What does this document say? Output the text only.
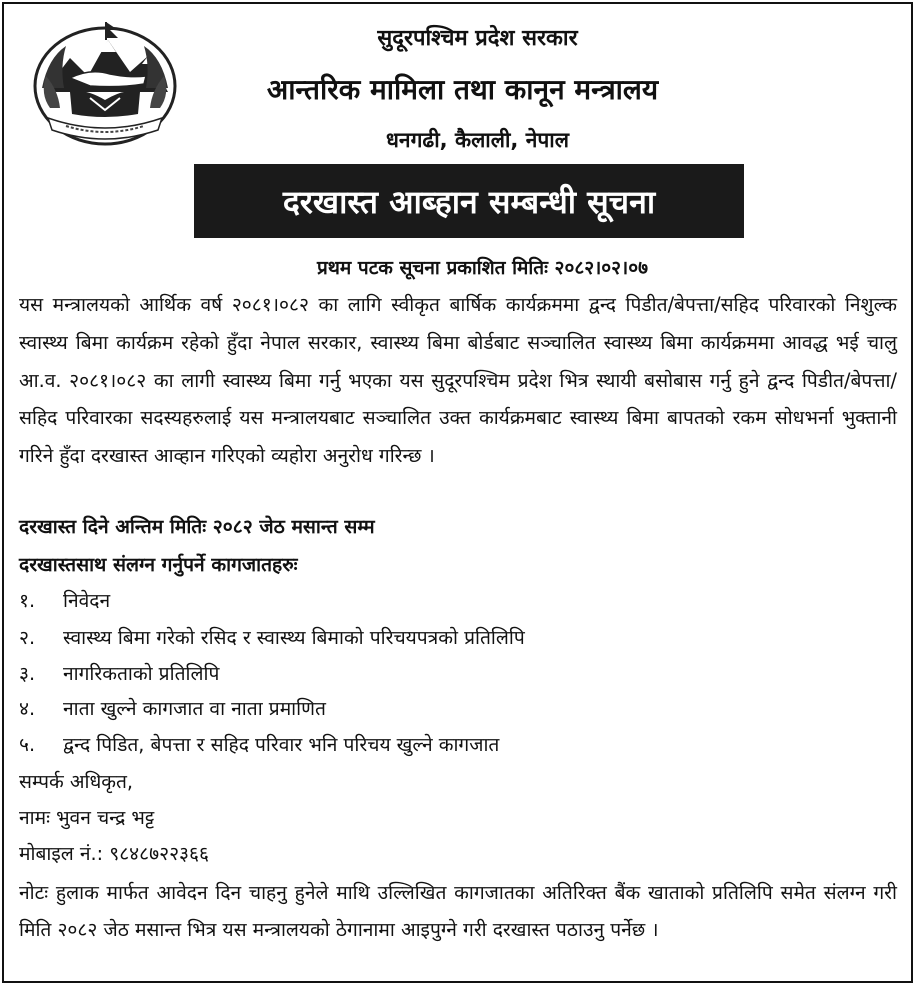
सुदूरपश्चिम प्रदेश सरकार
आन्तरिक मामिला तथा कानून मन्त्रालय
धनगढी, कैलाली, नेपाल
दरखास्त आब्हान सम्बन्धी सूचना
प्रथम पटक सूचना प्रकाशित मितिः २०८२।०२।०७
यस मन्त्रालयको आर्थिक वर्ष २०८१।०८२ का लागि स्वीकृत बार्षिक कार्यक्रममा द्वन्द पिडीत/बेपत्ता/सहिद परिवारको निशुल्क स्वास्थ्य बिमा कार्यक्रम रहेको हुँदा नेपाल सरकार, स्वास्थ्य बिमा बोर्डबाट सञ्चालित स्वास्थ्य बिमा कार्यक्रममा आवद्ध भई चालु आ.व. २०८१।०८२ का लागी स्वास्थ्य बिमा गर्नु भएका यस सुदूरपश्चिम प्रदेश भित्र स्थायी बसोबास गर्नु हुने द्वन्द पिडीत/बेपत्ता/सहिद परिवारका सदस्यहरुलाई यस मन्त्रालयबाट सञ्चालित उक्त कार्यक्रमबाट स्वास्थ्य बिमा बापतको रकम सोधभर्ना भुक्तानी गरिने हुँदा दरखास्त आव्हान गरिएको व्यहोरा अनुरोध गरिन्छ ।
दरखास्त दिने अन्तिम मितिः २०८२ जेठ मसान्त सम्म
दरखास्तसाथ संलग्न गर्नुपर्ने कागजातहरुः
१. निवेदन
२. स्वास्थ्य बिमा गरेको रसिद र स्वास्थ्य बिमाको परिचयपत्रको प्रतिलिपि
३. नागरिकताको प्रतिलिपि
४. नाता खुल्ने कागजात वा नाता प्रमाणित
५. द्वन्द पिडित, बेपत्ता र सहिद परिवार भनि परिचय खुल्ने कागजात
सम्पर्क अधिकृत,
नामः भुवन चन्द्र भट्ट
मोबाइल नं.: ९८४८७२२३६६
नोटः हुलाक मार्फत आवेदन दिन चाहनु हुनेले माथि उल्लिखित कागजातका अतिरिक्त बैंक खाताको प्रतिलिपि समेत संलग्न गरी मिति २०८२ जेठ मसान्त भित्र यस मन्त्रालयको ठेगानामा आइपुग्ने गरी दरखास्त पठाउनु पर्नेछ ।
